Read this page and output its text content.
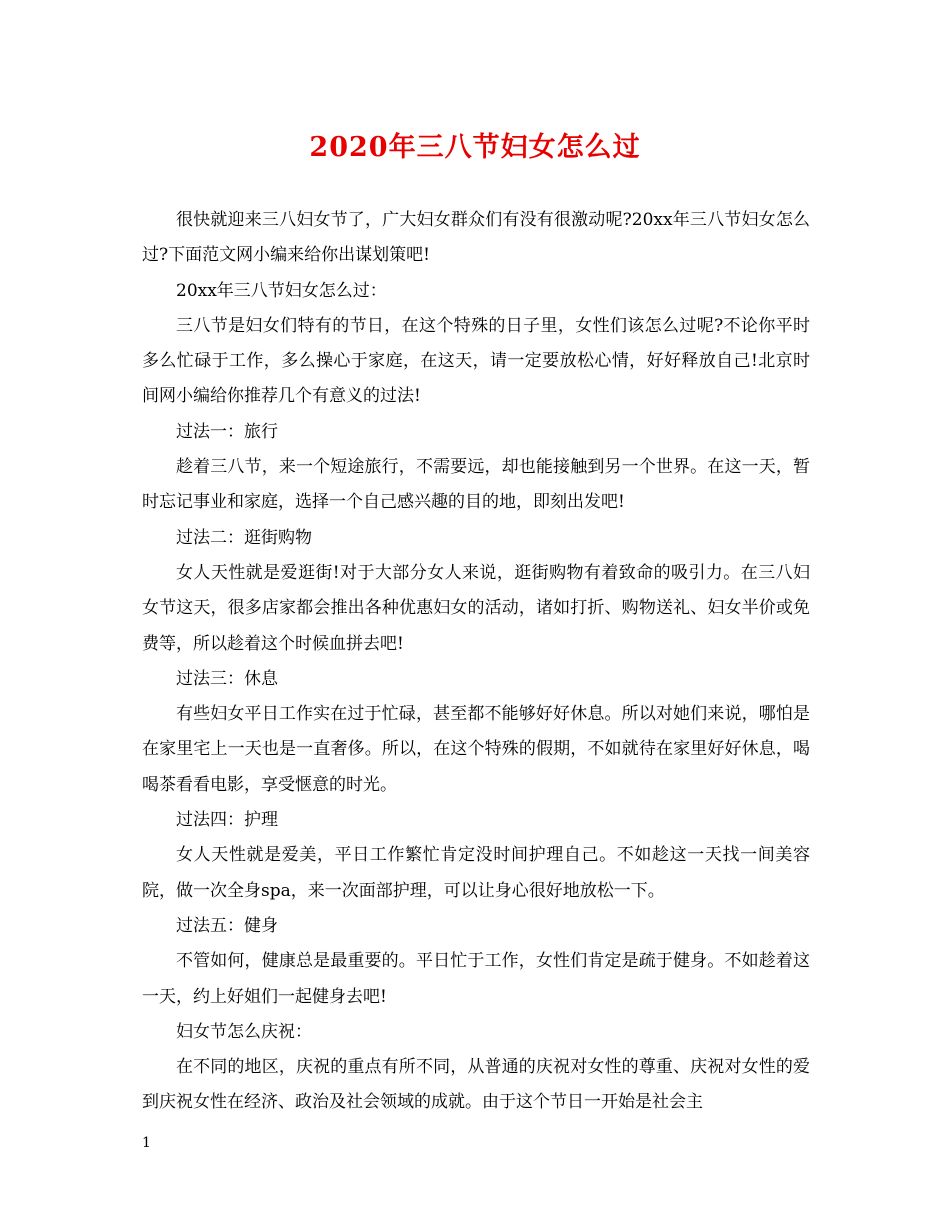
2020年三八节妇女怎么过

很快就迎来三八妇女节了，广大妇女群众们有没有很激动呢?20xx年三八节妇女怎么过?下面范文网小编来给你出谋划策吧!

20xx年三八节妇女怎么过：

三八节是妇女们特有的节日，在这个特殊的日子里，女性们该怎么过呢?不论你平时多么忙碌于工作，多么操心于家庭，在这天，请一定要放松心情，好好释放自己!北京时间网小编给你推荐几个有意义的过法!

过法一：旅行

趁着三八节，来一个短途旅行，不需要远，却也能接触到另一个世界。在这一天，暂时忘记事业和家庭，选择一个自己感兴趣的目的地，即刻出发吧!

过法二：逛街购物

女人天性就是爱逛街!对于大部分女人来说，逛街购物有着致命的吸引力。在三八妇女节这天，很多店家都会推出各种优惠妇女的活动，诸如打折、购物送礼、妇女半价或免费等，所以趁着这个时候血拼去吧!

过法三：休息

有些妇女平日工作实在过于忙碌，甚至都不能够好好休息。所以对她们来说，哪怕是在家里宅上一天也是一直奢侈。所以，在这个特殊的假期，不如就待在家里好好休息，喝喝茶看看电影，享受惬意的时光。

过法四：护理

女人天性就是爱美，平日工作繁忙肯定没时间护理自己。不如趁这一天找一间美容院，做一次全身spa，来一次面部护理，可以让身心很好地放松一下。

过法五：健身

不管如何，健康总是最重要的。平日忙于工作，女性们肯定是疏于健身。不如趁着这一天，约上好姐们一起健身去吧!

妇女节怎么庆祝：

在不同的地区，庆祝的重点有所不同，从普通的庆祝对女性的尊重、庆祝对女性的爱到庆祝女性在经济、政治及社会领域的成就。由于这个节日一开始是社会主

1
